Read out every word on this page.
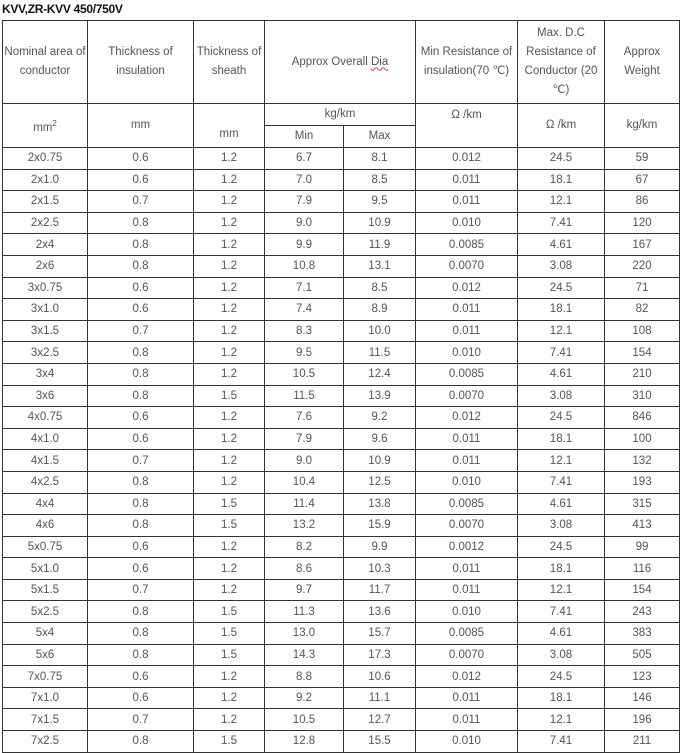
KVV,ZR-KVV 450/750V
Nominal area of conductor	Thickness of insulation	Thickness of sheath	Approx Overall Dia		Min Resistance of insulation(70 ℃)	Max. D.C Resistance of Conductor (20 ℃)	Approx Weight
$mm^2$	mm	mm	kg/km		Ω /km	Ω /km	kg/km
			Min	Max			
2x0.75	0.6	1.2	6.7	8.1	0.012	24.5	59
2x1.0	0.6	1.2	7.0	8.5	0.011	18.1	67
2x1.5	0.7	1.2	7.9	9.5	0.011	12.1	86
2x2.5	0.8	1.2	9.0	10.9	0.010	7.41	120
2x4	0.8	1.2	9.9	11.9	0.0085	4.61	167
2x6	0.8	1.2	10.8	13.1	0.0070	3.08	220
3x0.75	0.6	1.2	7.1	8.5	0.012	24.5	71
3x1.0	0.6	1.2	7.4	8.9	0.011	18.1	82
3x1.5	0.7	1.2	8.3	10.0	0.011	12.1	108
3x2.5	0.8	1.2	9.5	11.5	0.010	7.41	154
3x4	0.8	1.2	10.5	12.4	0.0085	4.61	210
3x6	0.8	1.5	11.5	13.9	0.0070	3.08	310
4x0.75	0.6	1.2	7.6	9.2	0.012	24.5	846
4x1.0	0.6	1.2	7.9	9.6	0.011	18.1	100
4x1.5	0.7	1.2	9.0	10.9	0.011	12.1	132
4x2.5	0.8	1.2	10.4	12.5	0.010	7.41	193
4x4	0.8	1.5	11.4	13.8	0.0085	4.61	315
4x6	0.8	1.5	13.2	15.9	0.0070	3.08	413
5x0.75	0.6	1.2	8.2	9.9	0.0012	24.5	99
5x1.0	0.6	1.2	8.6	10.3	0.011	18.1	116
5x1.5	0.7	1.2	9.7	11.7	0.011	12.1	154
5x2.5	0.8	1.5	11.3	13.6	0.010	7.41	243
5x4	0.8	1.5	13.0	15.7	0.0085	4.61	383
5x6	0.8	1.5	14.3	17.3	0.0070	3.08	505
7x0.75	0.6	1.2	8.8	10.6	0.012	24.5	123
7x1.0	0.6	1.2	9.2	11.1	0.011	18.1	146
7x1.5	0.7	1.2	10.5	12.7	0.011	12.1	196
7x2.5	0.8	1.5	12.8	15.5	0.010	7.41	211
